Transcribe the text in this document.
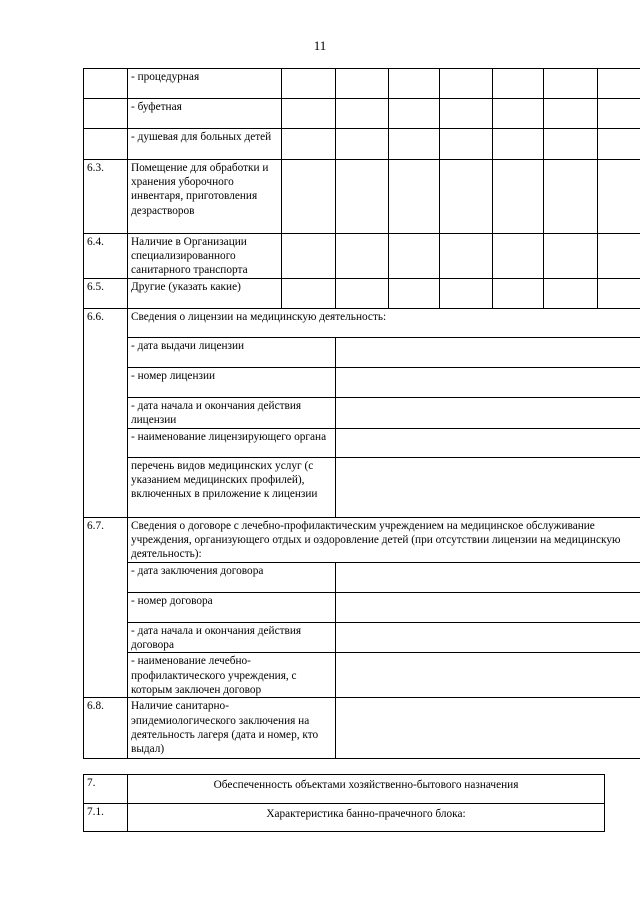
11
	- процедурная							
	- буфетная							
	- душевая для больных детей							
6.3.	Помещение для обработки и хранения уборочного инвентаря, приготовления дезрастворов							
6.4.	Наличие в Организации специализированного санитарного транспорта							
6.5.	Другие (указать какие)							
6.6.	Сведения о лицензии на медицинскую деятельность:							
	- дата выдачи лицензии							
	- номер лицензии							
	- дата начала и окончания действия лицензии							
	- наименование лицензирующего органа							
	перечень видов медицинских услуг (с указанием медицинских профилей), включенных в приложение к лицензии							
6.7.	Сведения о договоре с лечебно-профилактическим учреждением на медицинское обслуживание учреждения, организующего отдых и оздоровление детей (при отсутствии лицензии на медицинскую деятельность):							
	- дата заключения договора							
	- номер договора							
	- дата начала и окончания действия договора							
	- наименование лечебно-профилактического учреждения, с которым заключен договор							
6.8.	Наличие санитарно-эпидемиологического заключения на деятельность лагеря (дата и номер, кто выдал)							
7.	Обеспеченность объектами хозяйственно-бытового назначения
7.1.	Характеристика банно-прачечного блока:
